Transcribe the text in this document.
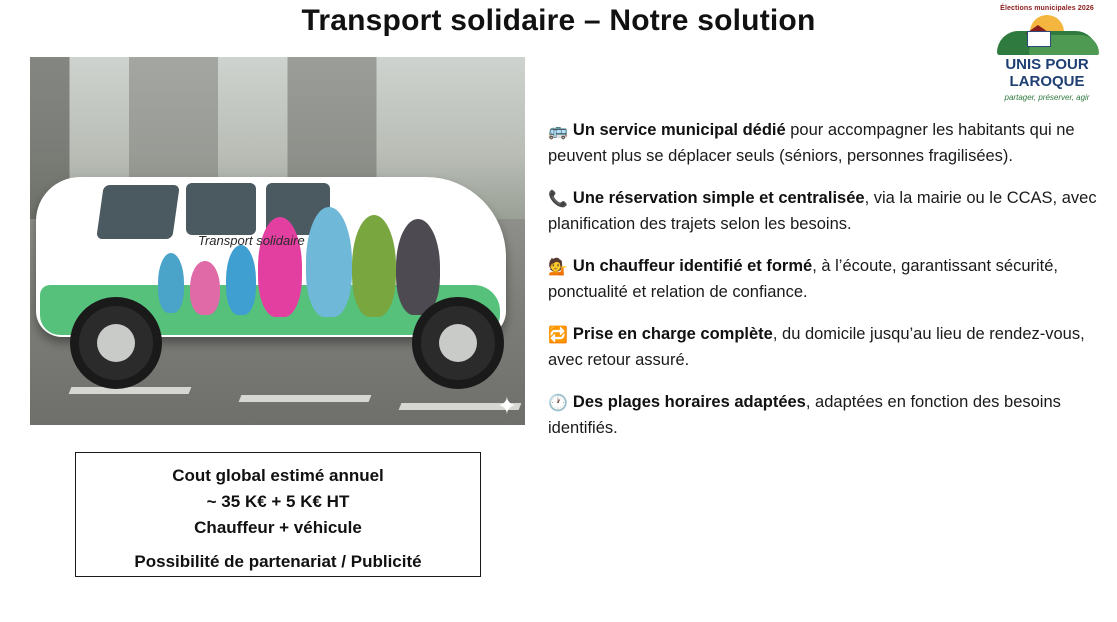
Transport solidaire – Notre solution	Élections municipales 2026
UNIS POUR
LAROQUE
partager, préserver, agir
Transport solidaire
✦
Cout global estimé annuel
~ 35 K€ + 5 K€ HT
Chauffeur + véhicule
Possibilité de partenariat / Publicité
🚌 Un service municipal dédié pour accompagner les habitants qui ne peuvent plus se déplacer seuls (séniors, personnes fragilisées).
📞 Une réservation simple et centralisée, via la mairie ou le CCAS, avec planification des trajets selon les besoins.
💁 Un chauffeur identifié et formé, à l’écoute, garantissant sécurité, ponctualité et relation de confiance.
🔁 Prise en charge complète, du domicile jusqu’au lieu de rendez-vous, avec retour assuré.
🕐 Des plages horaires adaptées, adaptées en fonction des besoins identifiés.
